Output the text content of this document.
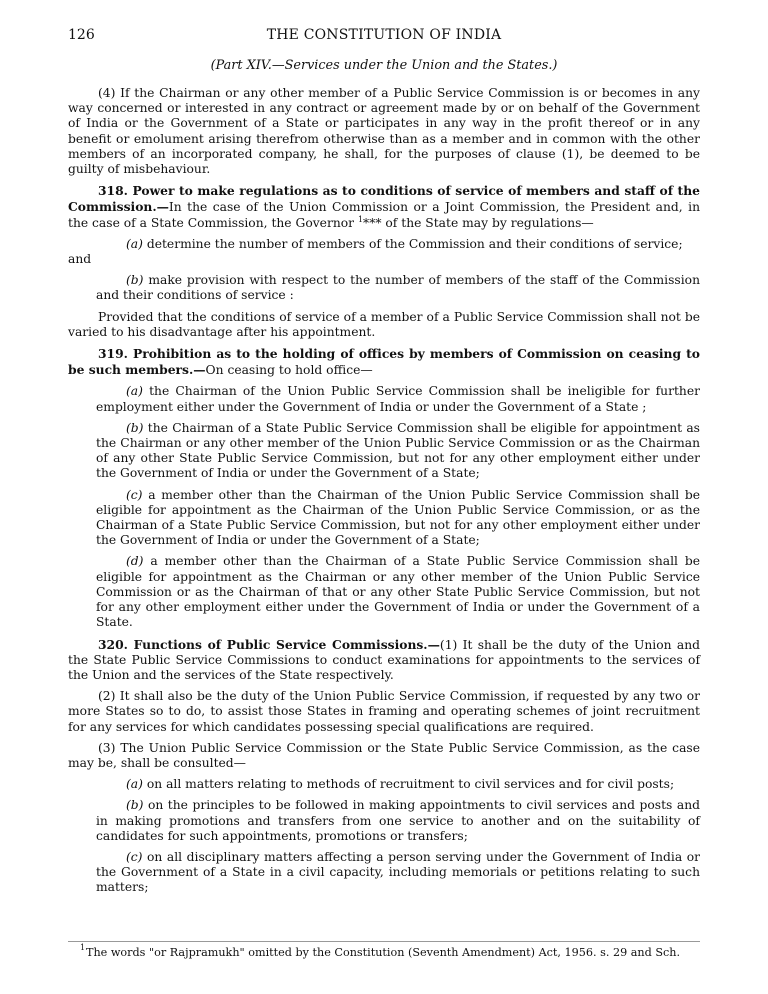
126	THE CONSTITUTION OF INDIA
(Part XIV.—Services under the Union and the States.)

(4) If the Chairman or any other member of a Public Service Commission is or becomes in any way concerned or interested in any contract or agreement made by or on behalf of the Government of India or the Government of a State or participates in any way in the profit thereof or in any benefit or emolument arising therefrom otherwise than as a member and in common with the other members of an incorporated company, he shall, for the purposes of clause (1), be deemed to be guilty of misbehaviour.

318. Power to make regulations as to conditions of service of members and staff of the Commission.—In the case of the Union Commission or a Joint Commission, the President and, in the case of a State Commission, the Governor $^1$*** of the State may by regulations—

(a) determine the number of members of the Commission and their conditions of service;

and

(b) make provision with respect to the number of members of the staff of the Commission and their conditions of service :

Provided that the conditions of service of a member of a Public Service Commission shall not be varied to his disadvantage after his appointment.

319. Prohibition as to the holding of offices by members of Commission on ceasing to be such members.—On ceasing to hold office—

(a) the Chairman of the Union Public Service Commission shall be ineligible for further employment either under the Government of India or under the Government of a State ;

(b) the Chairman of a State Public Service Commission shall be eligible for appointment as the Chairman or any other member of the Union Public Service Commission or as the Chairman of any other State Public Service Commission, but not for any other employment either under the Government of India or under the Government of a State;

(c) a member other than the Chairman of the Union Public Service Commission shall be eligible for appointment as the Chairman of the Union Public Service Commission, or as the Chairman of a State Public Service Commission, but not for any other employment either under the Government of India or under the Government of a State;

(d) a member other than the Chairman of a State Public Service Commission shall be eligible for appointment as the Chairman or any other member of the Union Public Service Commission or as the Chairman of that or any other State Public Service Commission, but not for any other employment either under the Government of India or under the Government of a State.

320. Functions of Public Service Commissions.—(1) It shall be the duty of the Union and the State Public Service Commissions to conduct examinations for appointments to the services of the Union and the services of the State respectively.

(2) It shall also be the duty of the Union Public Service Commission, if requested by any two or more States so to do, to assist those States in framing and operating schemes of joint recruitment for any services for which candidates possessing special qualifications are required.

(3) The Union Public Service Commission or the State Public Service Commission, as the case may be, shall be consulted—

(a) on all matters relating to methods of recruitment to civil services and for civil posts;

(b) on the principles to be followed in making appointments to civil services and posts and in making promotions and transfers from one service to another and on the suitability of candidates for such appointments, promotions or transfers;

(c) on all disciplinary matters affecting a person serving under the Government of India or the Government of a State in a civil capacity, including memorials or petitions relating to such matters;

1 The words "or Rajpramukh" omitted by the Constitution (Seventh Amendment) Act, 1956. s. 29 and Sch.
